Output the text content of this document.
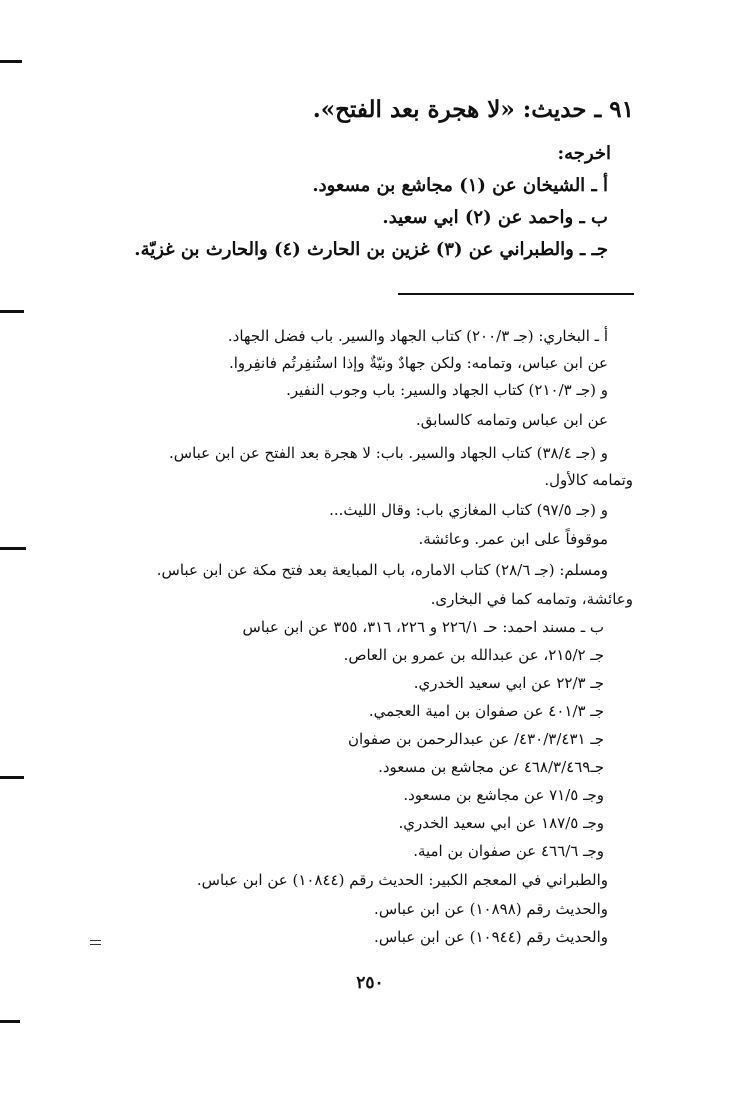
٩١ ـ حديث: «لا هجرة بعد الفتح».
اخرجه:
أ ـ الشيخان عن (١) مجاشع بن مسعود.
ب ـ واحمد عن (٢) ابي سعيد.
جـ ـ والطبراني عن (٣) غزين بن الحارث (٤) والحارث بن غزيّة.
أ ـ البخاري: (جـ ٢٠٠/٣) كتاب الجهاد والسير. باب فضل الجهاد.
عن ابن عباس، وتمامه: ولكن جهادٌ ونيّةٌ وإذا استُنفِرتُم فانفِروا.
و (جـ ٢١٠/٣) كتاب الجهاد والسير: باب وجوب النفير.
عن ابن عباس وتمامه كالسابق.
و (جـ ٣٨/٤) كتاب الجهاد والسير. باب: لا هجرة بعد الفتح عن ابن عباس.
وتمامه كالأول.
و (جـ ٩٧/٥) كتاب المغازي باب: وقال الليث...
موقوفاً على ابن عمر. وعائشة.
ومسلم: (جـ ٢٨/٦) كتاب الاماره، باب المبايعة بعد فتح مكة عن ابن عباس.
وعائشة، وتمامه كما في البخارى.
ب ـ مسند احمد: حـ ٢٢٦/١ و ٢٢٦، ٣١٦، ٣٥٥ عن ابن عباس
جـ ٢١٥/٢، عن عبدالله بن عمرو بن العاص.
جـ ٢٢/٣ عن ابي سعيد الخدري.
جـ ٤٠١/٣ عن صفوان بن امية العجمي.
جـ ٤٣٠/٣/٤٣١/ عن عبدالرحمن بن صفوان
جـ٤٦٨/٣/٤٦٩ عن مجاشع بن مسعود.
وجـ ٧١/٥ عن مجاشع بن مسعود.
وجـ ١٨٧/٥ عن ابي سعيد الخدري.
وجـ ٤٦٦/٦ عن صفوان بن امية.
والطبراني في المعجم الكبير: الحديث رقم (١٠٨٤٤) عن ابن عباس.
والحديث رقم (١٠٨٩٨) عن ابن عباس.
والحديث رقم (١٠٩٤٤) عن ابن عباس.
٢٥٠
